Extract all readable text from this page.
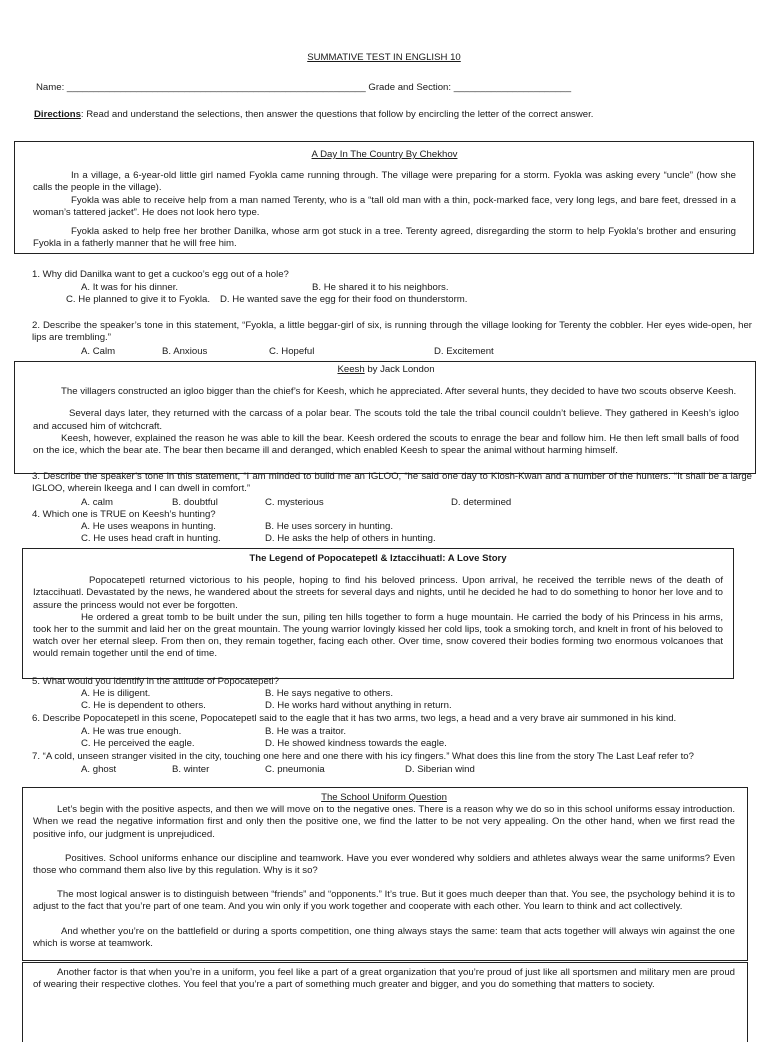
SUMMATIVE TEST IN ENGLISH 10
Name: ________________________________________________________ Grade and Section: ______________________
Directions: Read and understand the selections, then answer the questions that follow by encircling the letter of the correct answer.

A Day In The Country By Chekhov

In a village, a 6-year-old little girl named Fyokla came running through. The village were preparing for a storm. Fyokla was asking every “uncle” (how she calls the people in the village).

Fyokla was able to receive help from a man named Terenty, who is a “tall old man with a thin, pock-marked face, very long legs, and bare feet, dressed in a woman’s tattered jacket”. He does not look hero type.

Fyokla asked to help free her brother Danilka, whose arm got stuck in a tree. Terenty agreed, disregarding the storm to help Fyokla’s brother and ensuring Fyokla in a fatherly manner that he will free him.

1. Why did Danilka want to get a cuckoo’s egg out of a hole?
A. It was for his dinner.	B. He shared it to his neighbors.
C. He planned to give it to Fyokla. D. He wanted save the egg for their food on thunderstorm.
2. Describe the speaker’s tone in this statement, “Fyokla, a little beggar-girl of six, is running through the village looking for Terenty the cobbler. Her eyes wide-open, her lips are trembling.”
A. Calm	B. Anxious	C. Hopeful	D. Excitement

Keesh by Jack London

The villagers constructed an igloo bigger than the chief’s for Keesh, which he appreciated. After several hunts, they decided to have two scouts observe Keesh.

Several days later, they returned with the carcass of a polar bear. The scouts told the tale the tribal council couldn’t believe. They gathered in Keesh’s igloo and accused him of witchcraft.

Keesh, however, explained the reason he was able to kill the bear. Keesh ordered the scouts to enrage the bear and follow him. He then left small balls of food on the ice, which the bear ate. The bear then became ill and deranged, which enabled Keesh to spear the animal without harming himself.

3. Describe the speaker’s tone in this statement, “I am minded to build me an IGLOO, “he said one day to Klosh-Kwan and a number of the hunters. “It shall be a large IGLOO, wherein Ikeega and I can dwell in comfort.”
A. calm	B. doubtful	C. mysterious	D. determined
4. Which one is TRUE on Keesh’s hunting?
A. He uses weapons in hunting.	B. He uses sorcery in hunting.
C. He uses head craft in hunting.	D. He asks the help of others in hunting.

The Legend of Popocatepetl & Iztaccihuatl: A Love Story

Popocatepetl returned victorious to his people, hoping to find his beloved princess. Upon arrival, he received the terrible news of the death of Iztaccihuatl. Devastated by the news, he wandered about the streets for several days and nights, until he decided he had to do something to honor her love and to assure the princess would not ever be forgotten.

He ordered a great tomb to be built under the sun, piling ten hills together to form a huge mountain. He carried the body of his Princess in his arms, took her to the summit and laid her on the great mountain. The young warrior lovingly kissed her cold lips, took a smoking torch, and knelt in front of his beloved to watch over her eternal sleep. From then on, they remain together, facing each other. Over time, snow covered their bodies forming two enormous volcanoes that would remain together until the end of time.

5. What would you identify in the attitude of Popocatepetl?
A. He is diligent.	B. He says negative to others.
C. He is dependent to others.	D. He works hard without anything in return.
6. Describe Popocatepetl in this scene, Popocatepetl said to the eagle that it has two arms, two legs, a head and a very brave air summoned in his kind.
A. He was true enough.	B. He was a traitor.
C. He perceived the eagle.	D. He showed kindness towards the eagle.
7. “A cold, unseen stranger visited in the city, touching one here and one there with his icy fingers.” What does this line from the story The Last Leaf refer to?
A. ghost	B. winter	C. pneumonia	D. Siberian wind

The School Uniform Question

Let’s begin with the positive aspects, and then we will move on to the negative ones. There is a reason why we do so in this school uniforms essay introduction. When we read the negative information first and only then the positive one, we find the latter to be not very appealing. On the other hand, when we first read the positive info, our judgment is unprejudiced.

Positives. School uniforms enhance our discipline and teamwork. Have you ever wondered why soldiers and athletes always wear the same uniforms? Even those who command them also live by this regulation. Why is it so?

The most logical answer is to distinguish between “friends” and “opponents.” It’s true. But it goes much deeper than that. You see, the psychology behind it is to adjust to the fact that you’re part of one team. And you win only if you work together and cooperate with each other. You learn to think and act collectively.

And whether you’re on the battlefield or during a sports competition, one thing always stays the same: team that acts together will always win against the one which is worse at teamwork.

Another factor is that when you’re in a uniform, you feel like a part of a great organization that you’re proud of just like all sportsmen and military men are proud of wearing their respective clothes. You feel that you’re a part of something much greater and bigger, and you do something that matters to society.
